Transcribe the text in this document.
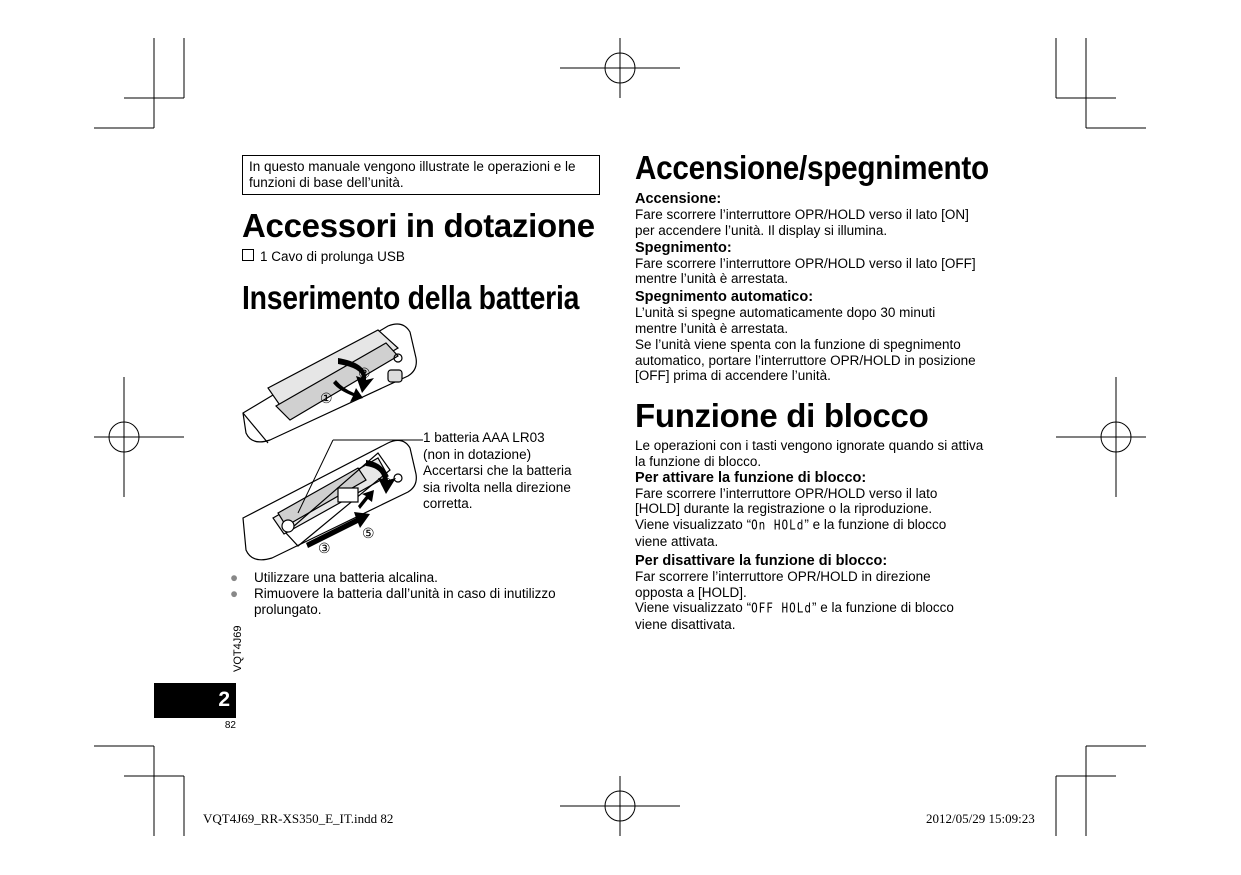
In questo manuale vengono illustrate le operazioni e le funzioni di base dell’unità.
Accessori in dotazione
1 Cavo di prolunga USB
Inserimento della batteria
①
②
③
④
⑤
1 batteria AAA LR03
(non in dotazione)
Accertarsi che la batteria
sia rivolta nella direzione
corretta.
● Utilizzare una batteria alcalina.
● Rimuovere la batteria dall’unità in caso di inutilizzo prolungato.
VQT4J69
2
82
Accensione/spegnimento
Accensione:
Fare scorrere l’interruttore OPR/HOLD verso il lato [ON]
per accendere l’unità. Il display si illumina.
Spegnimento:
Fare scorrere l’interruttore OPR/HOLD verso il lato [OFF]
mentre l’unità è arrestata.
Spegnimento automatico:
L’unità si spegne automaticamente dopo 30 minuti
mentre l’unità è arrestata.
Se l’unità viene spenta con la funzione di spegnimento
automatico, portare l’interruttore OPR/HOLD in posizione
[OFF] prima di accendere l’unità.
Funzione di blocco
Le operazioni con i tasti vengono ignorate quando si attiva
la funzione di blocco.
Per attivare la funzione di blocco:
Fare scorrere l’interruttore OPR/HOLD verso il lato
[HOLD] durante la registrazione o la riproduzione.
Viene visualizzato “On HOLd” e la funzione di blocco
viene attivata.
Per disattivare la funzione di blocco:
Far scorrere l’interruttore OPR/HOLD in direzione
opposta a [HOLD].
Viene visualizzato “OFF HOLd” e la funzione di blocco
viene disattivata.
VQT4J69_RR-XS350_E_IT.indd 82	2012/05/29 15:09:23
